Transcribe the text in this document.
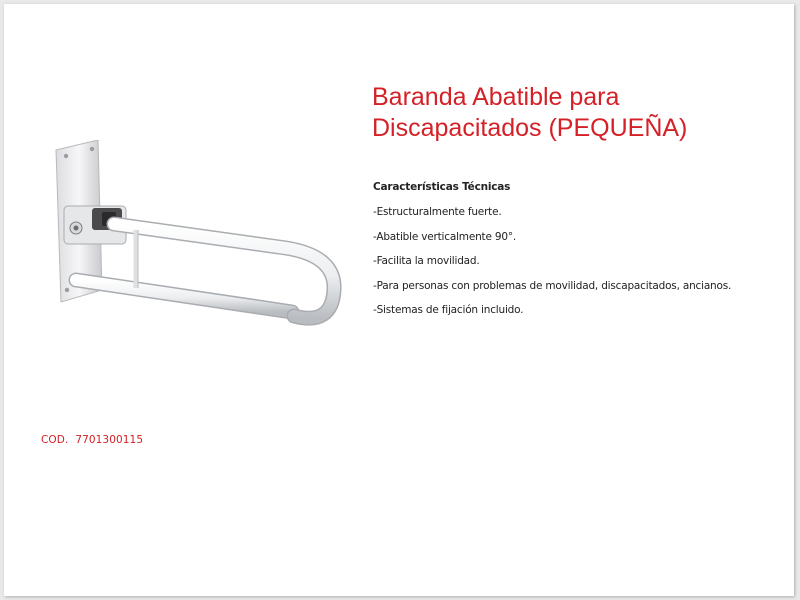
Baranda Abatible para
Discapacitados (PEQUEÑA)
Características Técnicas
-Estructuralmente fuerte.
-Abatible verticalmente 90°.
-Facilita la movilidad.
-Para personas con problemas de movilidad, discapacitados, ancianos.
-Sistemas de fijación incluido.
COD. 7701300115
